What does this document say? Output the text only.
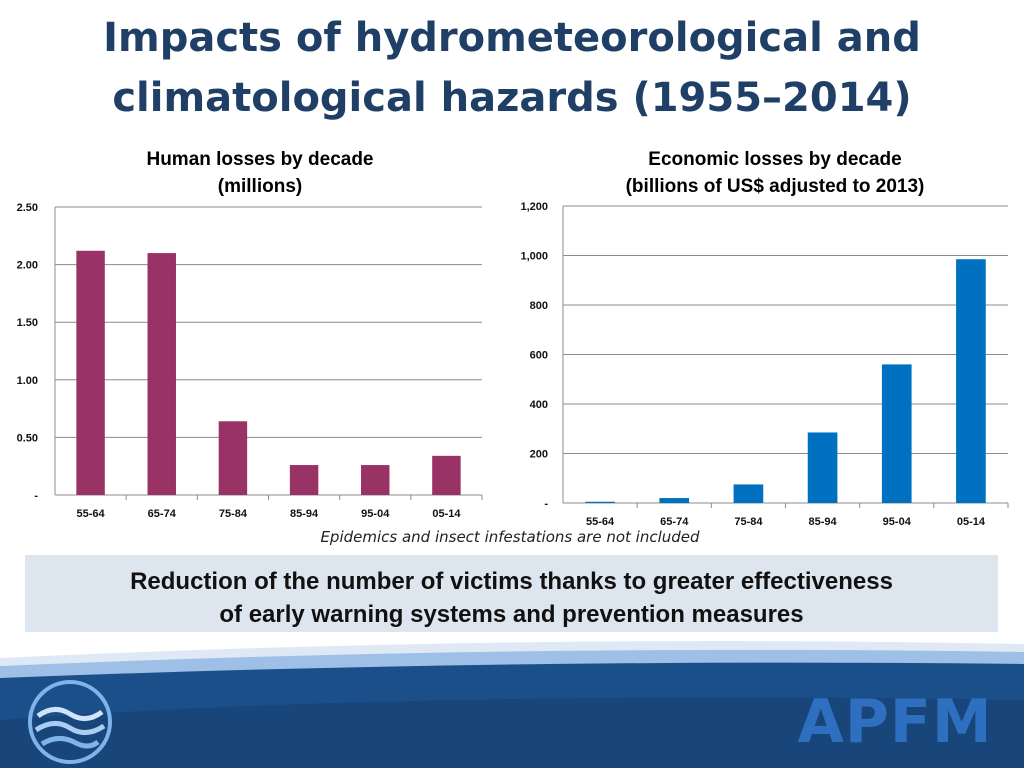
Impacts of hydrometeorological and
climatological hazards (1955–2014)
Human losses by decade
(millions)
Economic losses by decade
(billions of US$ adjusted to 2013)
-
0.50
1.00
1.50
2.00
2.50
55-64	65-74	75-84	85-94	95-04	05-14
-
200
400
600
800
1,000
1,200
55-64	65-74	75-84	85-94	95-04	05-14
Epidemics and insect infestations are not included
Reduction of the number of victims thanks to greater effectiveness
of early warning systems and prevention measures
APFM
